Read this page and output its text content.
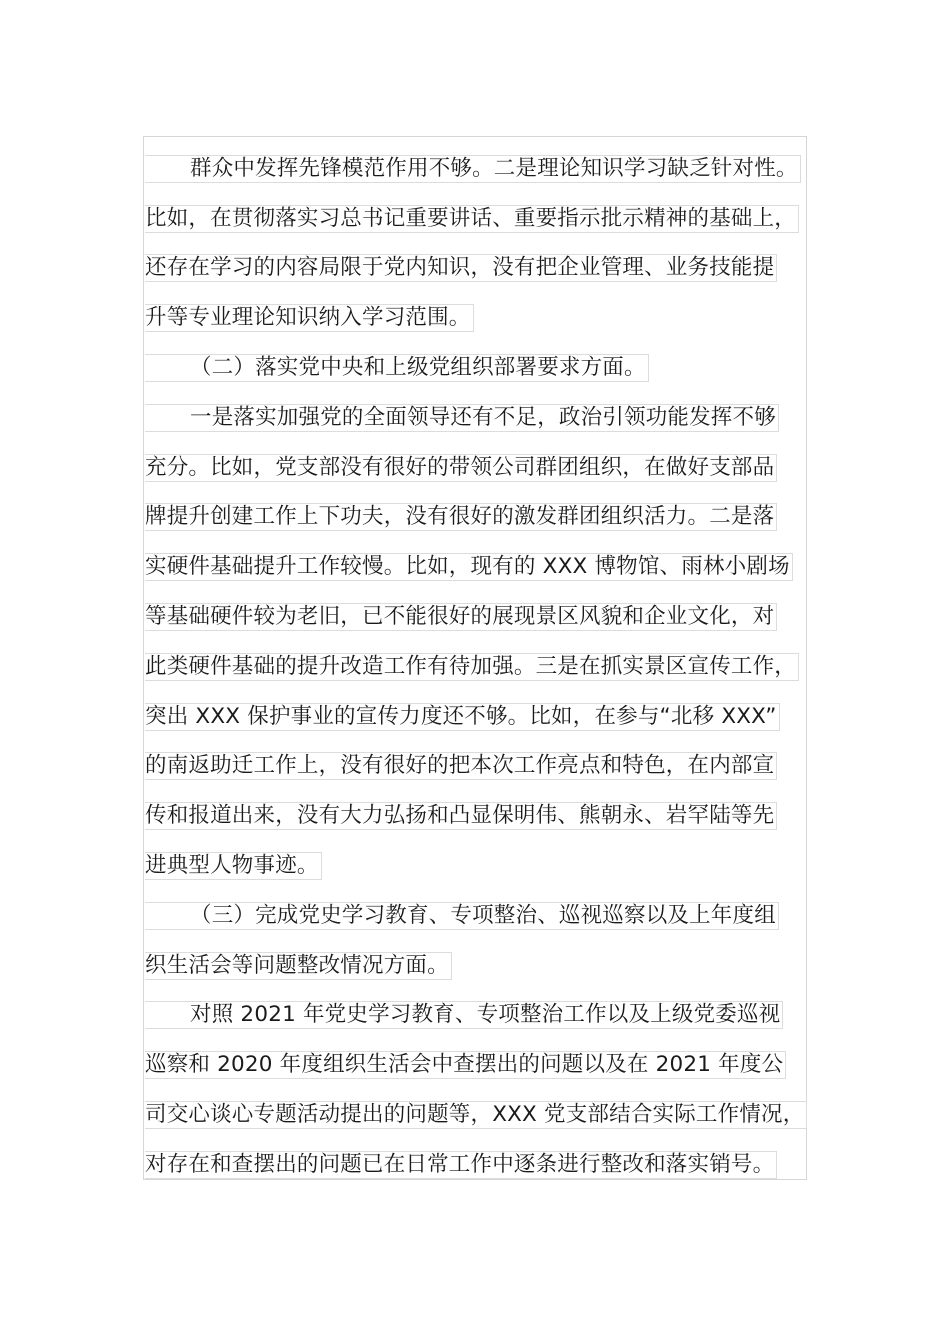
群众中发挥先锋模范作用不够。二是理论知识学习缺乏针对性。
比如，在贯彻落实习总书记重要讲话、重要指示批示精神的基础上，
还存在学习的内容局限于党内知识，没有把企业管理、业务技能提
升等专业理论知识纳入学习范围。
（二）落实党中央和上级党组织部署要求方面。
一是落实加强党的全面领导还有不足，政治引领功能发挥不够
充分。比如，党支部没有很好的带领公司群团组织，在做好支部品
牌提升创建工作上下功夫，没有很好的激发群团组织活力。二是落
实硬件基础提升工作较慢。比如，现有的 XXX 博物馆、雨林小剧场
等基础硬件较为老旧，已不能很好的展现景区风貌和企业文化，对
此类硬件基础的提升改造工作有待加强。三是在抓实景区宣传工作，
突出 XXX 保护事业的宣传力度还不够。比如，在参与“北移 XXX”
的南返助迁工作上，没有很好的把本次工作亮点和特色，在内部宣
传和报道出来，没有大力弘扬和凸显保明伟、熊朝永、岩罕陆等先
进典型人物事迹。
（三）完成党史学习教育、专项整治、巡视巡察以及上年度组
织生活会等问题整改情况方面。
对照 2021 年党史学习教育、专项整治工作以及上级党委巡视
巡察和 2020 年度组织生活会中查摆出的问题以及在 2021 年度公
司交心谈心专题活动提出的问题等，XXX 党支部结合实际工作情况，
对存在和查摆出的问题已在日常工作中逐条进行整改和落实销号。
